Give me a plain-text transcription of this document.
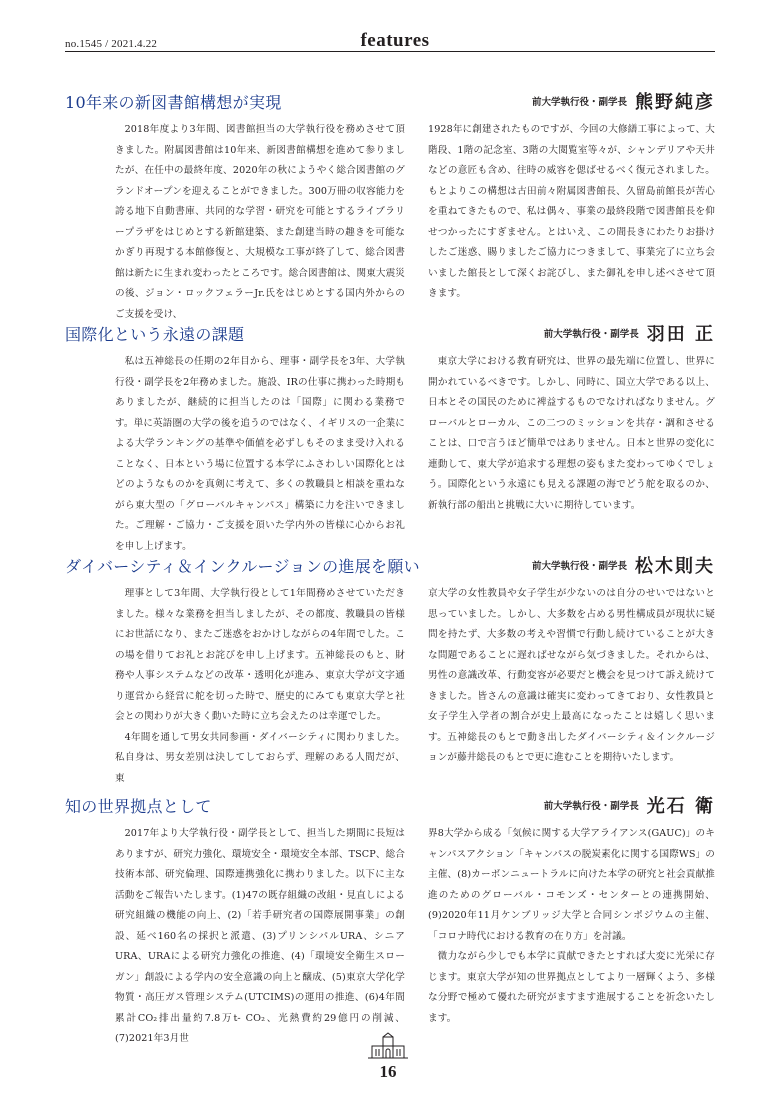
no.1545 / 2021.4.22	features
10年来の新図書館構想が実現	前大学執行役・副学長 熊野純彦

2018年度より3年間、図書館担当の大学執行役を務めさせて頂きました。附属図書館は10年来、新図書館構想を進めて参りましたが、在任中の最終年度、2020年の秋にようやく総合図書館のグランドオープンを迎えることができました。300万冊の収容能力を誇る地下自動書庫、共同的な学習・研究を可能とするライブラリープラザをはじめとする新館建築、また創建当時の趣きを可能なかぎり再現する本館修復と、大規模な工事が終了して、総合図書館は新たに生まれ変わったところです。総合図書館は、関東大震災の後、ジョン・ロックフェラーJr.氏をはじめとする国内外からのご支援を受け、

1928年に創建されたものですが、今回の大修繕工事によって、大階段、1階の記念室、3階の大閲覧室等々が、シャンデリアや天井などの意匠も含め、往時の威容を偲ばせるべく復元されました。もとよりこの構想は古田前々附属図書館長、久留島前館長が苦心を重ねてきたもので、私は偶々、事業の最終段階で図書館長を仰せつかったにすぎません。とはいえ、この間長きにわたりお掛けしたご迷惑、賜りましたご協力につきまして、事業完了に立ち会いました館長として深くお詫びし、また御礼を申し述べさせて頂きます。

国際化という永遠の課題	前大学執行役・副学長 羽田 正

私は五神総長の任期の2年目から、理事・副学長を3年、大学執行役・副学長を2年務めました。施設、IRの仕事に携わった時期もありましたが、継続的に担当したのは「国際」に関わる業務です。単に英語圏の大学の後を追うのではなく、イギリスの一企業による大学ランキングの基準や価値を必ずしもそのまま受け入れることなく、日本という場に位置する本学にふさわしい国際化とはどのようなものかを真剣に考えて、多くの教職員と相談を重ねながら東大型の「グローバルキャンパス」構築に力を注いできました。ご理解・ご協力・ご支援を頂いた学内外の皆様に心からお礼を申し上げます。

東京大学における教育研究は、世界の最先端に位置し、世界に開かれているべきです。しかし、同時に、国立大学である以上、日本とその国民のために裨益するものでなければなりません。グローバルとローカル、この二つのミッションを共存・調和させることは、口で言うほど簡単ではありません。日本と世界の変化に連動して、東大学が追求する理想の姿もまた変わってゆくでしょう。国際化という永遠にも見える課題の海でどう舵を取るのか、新執行部の船出と挑戦に大いに期待しています。

ダイバーシティ＆インクルージョンの進展を願い	前大学執行役・副学長 松木則夫

理事として3年間、大学執行役として1年間務めさせていただきました。様々な業務を担当しましたが、その都度、教職員の皆様にお世話になり、またご迷惑をおかけしながらの4年間でした。この場を借りてお礼とお詫びを申し上げます。五神総長のもと、財務や人事システムなどの改革・透明化が進み、東京大学が文字通り運営から経営に舵を切った時で、歴史的にみても東京大学と社会との関わりが大きく動いた時に立ち会えたのは幸運でした。

4年間を通して男女共同参画・ダイバーシティに関わりました。私自身は、男女差別は決してしておらず、理解のある人間だが、東

京大学の女性教員や女子学生が少ないのは自分のせいではないと思っていました。しかし、大多数を占める男性構成員が現状に疑問を持たず、大多数の考えや習慣で行動し続けていることが大きな問題であることに遅ればせながら気づきました。それからは、男性の意識改革、行動変容が必要だと機会を見つけて訴え続けてきました。皆さんの意識は確実に変わってきており、女性教員と女子学生入学者の割合が史上最高になったことは嬉しく思います。五神総長のもとで動き出したダイバーシティ＆インクルージョンが藤井総長のもとで更に進むことを期待いたします。

知の世界拠点として	前大学執行役・副学長 光石 衛

2017年より大学執行役・副学長として、担当した期間に長短はありますが、研究力強化、環境安全・環境安全本部、TSCP、総合技術本部、研究倫理、国際連携強化に携わりました。以下に主な活動をご報告いたします。(1)47の既存組織の改組・見直しによる研究組織の機能の向上、(2)「若手研究者の国際展開事業」の創設、延べ160名の採択と派遣、(3)プリンシパルURA、シニアURA、URAによる研究力強化の推進、(4)「環境安全衛生スローガン」創設による学内の安全意識の向上と醸成、(5)東京大学化学物質・高圧ガス管理システム(UTCIMS)の運用の推進、(6)4年間累計CO₂排出量約7.8万t- CO₂、光熱費約29億円の削減、(7)2021年3月世

界8大学から成る「気候に関する大学アライアンス(GAUC)」のキャンパスアクション「キャンパスの脱炭素化に関する国際WS」の主催、(8)カーボンニュートラルに向けた本学の研究と社会貢献推進のためのグローバル・コモンズ・センターとの連携開始、(9)2020年11月ケンブリッジ大学と合同シンポジウムの主催、「コロナ時代における教育の在り方」を討議。

微力ながら少しでも本学に貢献できたとすれば大変に光栄に存じます。東京大学が知の世界拠点としてより一層輝くよう、多様な分野で極めて優れた研究がますます進展することを祈念いたします。

16
